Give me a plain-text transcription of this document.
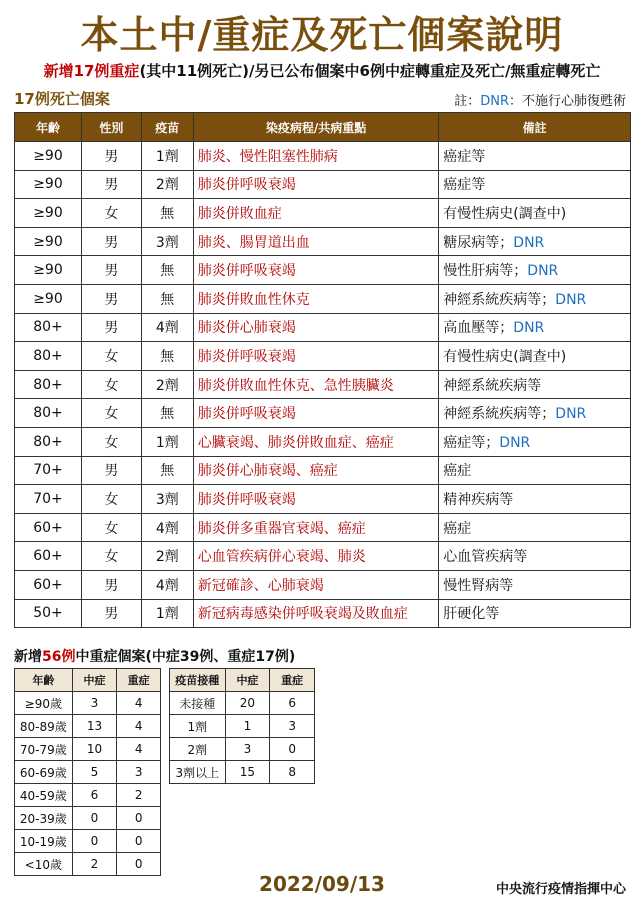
本土中/重症及死亡個案說明
新增17例重症(其中11例死亡)/另已公布個案中6例中症轉重症及死亡/無重症轉死亡
17例死亡個案	註：DNR：不施行心肺復甦術
年齡	性別	疫苗	染疫病程/共病重點	備註
≥90	男	1劑	肺炎、慢性阻塞性肺病	癌症等
≥90	男	2劑	肺炎併呼吸衰竭	癌症等
≥90	女	無	肺炎併敗血症	有慢性病史(調查中)
≥90	男	3劑	肺炎、腸胃道出血	糖尿病等；DNR
≥90	男	無	肺炎併呼吸衰竭	慢性肝病等；DNR
≥90	男	無	肺炎併敗血性休克	神經系統疾病等；DNR
80+	男	4劑	肺炎併心肺衰竭	高血壓等；DNR
80+	女	無	肺炎併呼吸衰竭	有慢性病史(調查中)
80+	女	2劑	肺炎併敗血性休克、急性胰臟炎	神經系統疾病等
80+	女	無	肺炎併呼吸衰竭	神經系統疾病等；DNR
80+	女	1劑	心臟衰竭、肺炎併敗血症、癌症	癌症等；DNR
70+	男	無	肺炎併心肺衰竭、癌症	癌症
70+	女	3劑	肺炎併呼吸衰竭	精神疾病等
60+	女	4劑	肺炎併多重器官衰竭、癌症	癌症
60+	女	2劑	心血管疾病併心衰竭、肺炎	心血管疾病等
60+	男	4劑	新冠確診、心肺衰竭	慢性腎病等
50+	男	1劑	新冠病毒感染併呼吸衰竭及敗血症	肝硬化等
新增56例中重症個案(中症39例、重症17例)
年齡	中症	重症
≥90歲	3	4
80-89歲	13	4
70-79歲	10	4
60-69歲	5	3
40-59歲	6	2
20-39歲	0	0
10-19歲	0	0
<10歲	2	0
疫苗接種	中症	重症
未接種	20	6
1劑	1	3
2劑	3	0
3劑以上	15	8
2022/09/13	中央流行疫情指揮中心
